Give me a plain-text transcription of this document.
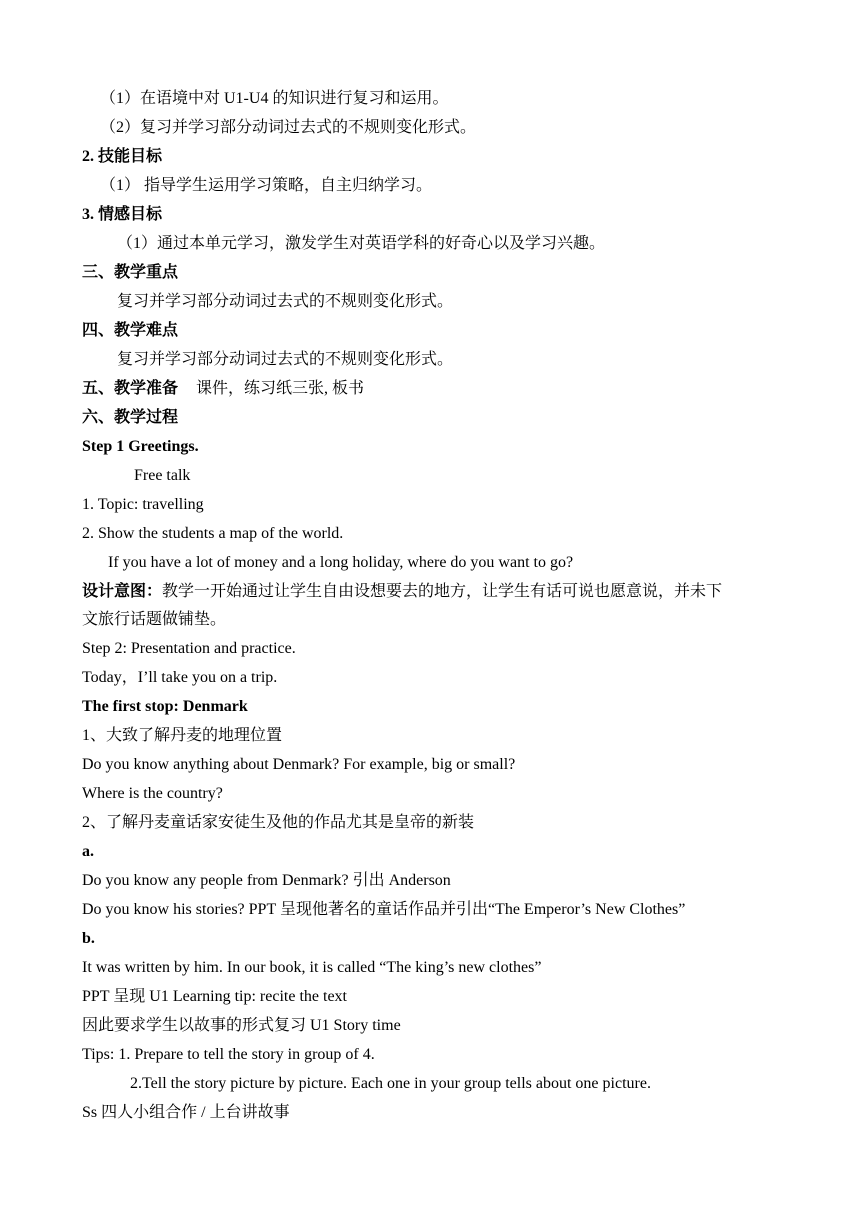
（1）在语境中对 U1-U4 的知识进行复习和运用。
（2）复习并学习部分动词过去式的不规则变化形式。
2. 技能目标
（1） 指导学生运用学习策略，自主归纳学习。
3. 情感目标
（1）通过本单元学习，激发学生对英语学科的好奇心以及学习兴趣。
三、教学重点
复习并学习部分动词过去式的不规则变化形式。
四、教学难点
复习并学习部分动词过去式的不规则变化形式。
五、教学准备 课件，练习纸三张, 板书
六、教学过程
Step 1 Greetings.
Free talk
1. Topic: travelling
2. Show the students a map of the world.
If you have a lot of money and a long holiday, where do you want to go?
设计意图：教学一开始通过让学生自由设想要去的地方，让学生有话可说也愿意说，并未下
文旅行话题做铺垫。
Step 2: Presentation and practice.
Today，I’ll take you on a trip.
The first stop: Denmark
1、大致了解丹麦的地理位置
Do you know anything about Denmark? For example, big or small?
Where is the country?
2、了解丹麦童话家安徒生及他的作品尤其是皇帝的新装
a.
Do you know any people from Denmark? 引出 Anderson
Do you know his stories? PPT 呈现他著名的童话作品并引出“The Emperor’s New Clothes”
b.
It was written by him. In our book, it is called “The king’s new clothes”
PPT 呈现 U1 Learning tip: recite the text
因此要求学生以故事的形式复习 U1 Story time
Tips: 1. Prepare to tell the story in group of 4.
2.Tell the story picture by picture. Each one in your group tells about one picture.
Ss 四人小组合作 / 上台讲故事
